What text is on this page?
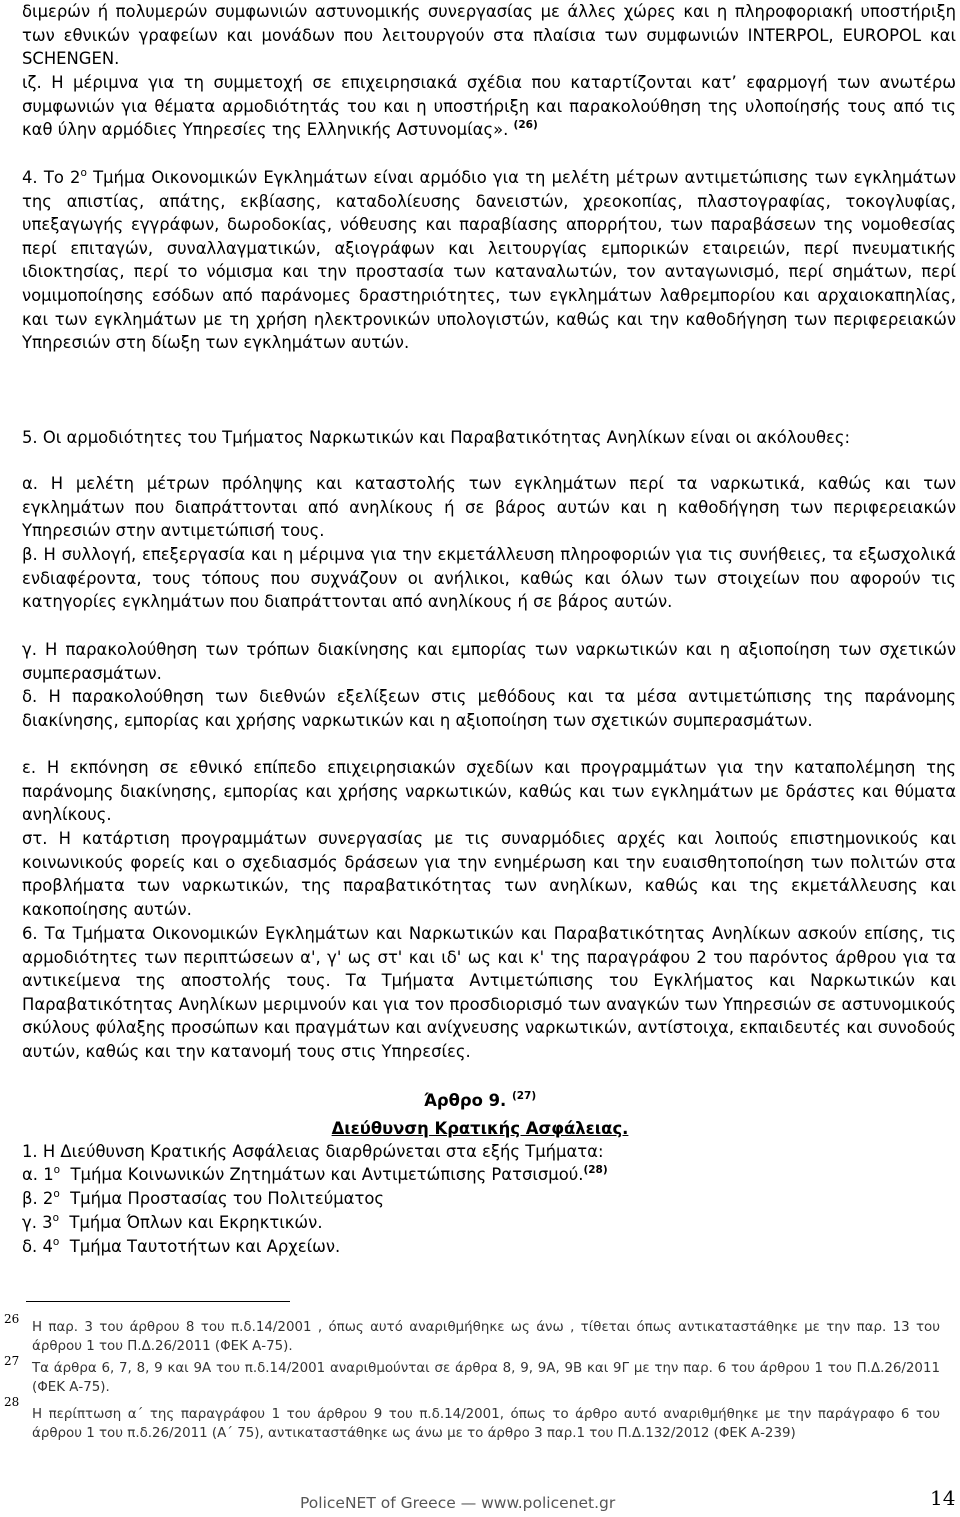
διμερών ή πολυμερών συμφωνιών αστυνομικής συνεργασίας με άλλες χώρες και η πληροφοριακή υποστήριξη των εθνικών γραφείων και μονάδων που λειτουργούν στα πλαίσια των συμφωνιών INTERPOL, EUROPOL και SCHENGEN.
ιζ. Η μέριμνα για τη συμμετοχή σε επιχειρησιακά σχέδια που καταρτίζονται κατ’ εφαρμογή των ανωτέρω συμφωνιών για θέματα αρμοδιότητάς του και η υποστήριξη και παρακολούθηση της υλοποίησής τους από τις καθ ύλην αρμόδιες Υπηρεσίες της Ελληνικής Αστυνομίας». $^{(26)}$
4. Το $2^o$ Τμήμα Οικονομικών Εγκλημάτων είναι αρμόδιο για τη μελέτη μέτρων αντιμετώπισης των εγκλημάτων της απιστίας, απάτης, εκβίασης, καταδολίευσης δανειστών, χρεοκοπίας, πλαστογραφίας, τοκογλυφίας, υπεξαγωγής εγγράφων, δωροδοκίας, νόθευσης και παραβίασης απορρήτου, των παραβάσεων της νομοθεσίας περί επιταγών, συναλλαγματικών, αξιογράφων και λειτουργίας εμπορικών εταιρειών, περί πνευματικής ιδιοκτησίας, περί το νόμισμα και την προστασία των καταναλωτών, τον ανταγωνισμό, περί σημάτων, περί νομιμοποίησης εσόδων από παράνομες δραστηριότητες, των εγκλημάτων λαθρεμπορίου και αρχαιοκαπηλίας, και των εγκλημάτων με τη χρήση ηλεκτρονικών υπολογιστών, καθώς και την καθοδήγηση των περιφερειακών Υπηρεσιών στη δίωξη των εγκλημάτων αυτών.
5. Οι αρμοδιότητες του Τμήματος Ναρκωτικών και Παραβατικότητας Ανηλίκων είναι οι ακόλουθες:
α. Η μελέτη μέτρων πρόληψης και καταστολής των εγκλημάτων περί τα ναρκωτικά, καθώς και των εγκλημάτων που διαπράττονται από ανηλίκους ή σε βάρος αυτών και η καθοδήγηση των περιφερειακών Υπηρεσιών στην αντιμετώπισή τους.
β. Η συλλογή, επεξεργασία και η μέριμνα για την εκμετάλλευση πληροφοριών για τις συνήθειες, τα εξωσχολικά ενδιαφέροντα, τους τόπους που συχνάζουν οι ανήλικοι, καθώς και όλων των στοιχείων που αφορούν τις κατηγορίες εγκλημάτων που διαπράττονται από ανηλίκους ή σε βάρος αυτών.
γ. Η παρακολούθηση των τρόπων διακίνησης και εμπορίας των ναρκωτικών και η αξιοποίηση των σχετικών συμπερασμάτων.
δ. Η παρακολούθηση των διεθνών εξελίξεων στις μεθόδους και τα μέσα αντιμετώπισης της παράνομης διακίνησης, εμπορίας και χρήσης ναρκωτικών και η αξιοποίηση των σχετικών συμπερασμάτων.
ε. Η εκπόνηση σε εθνικό επίπεδο επιχειρησιακών σχεδίων και προγραμμάτων για την καταπολέμηση της παράνομης διακίνησης, εμπορίας και χρήσης ναρκωτικών, καθώς και των εγκλημάτων με δράστες και θύματα ανηλίκους.
στ. Η κατάρτιση προγραμμάτων συνεργασίας με τις συναρμόδιες αρχές και λοιπούς επιστημονικούς και κοινωνικούς φορείς και ο σχεδιασμός δράσεων για την ενημέρωση και την ευαισθητοποίηση των πολιτών στα προβλήματα των ναρκωτικών, της παραβατικότητας των ανηλίκων, καθώς και της εκμετάλλευσης και κακοποίησης αυτών.
6. Τα Τμήματα Οικονομικών Εγκλημάτων και Ναρκωτικών και Παραβατικότητας Ανηλίκων ασκούν επίσης, τις αρμοδιότητες των περιπτώσεων α', γ' ως στ' και ιδ' ως και κ' της παραγράφου 2 του παρόντος άρθρου για τα αντικείμενα της αποστολής τους. Τα Τμήματα Αντιμετώπισης του Εγκλήματος και Ναρκωτικών και Παραβατικότητας Ανηλίκων μεριμνούν και για τον προσδιορισμό των αναγκών των Υπηρεσιών σε αστυνομικούς σκύλους φύλαξης προσώπων και πραγμάτων και ανίχνευσης ναρκωτικών, αντίστοιχα, εκπαιδευτές και συνοδούς αυτών, καθώς και την κατανομή τους στις Υπηρεσίες.
Άρθρο 9. $^{(27)}$
Διεύθυνση Κρατικής Ασφάλειας.
1. Η Διεύθυνση Κρατικής Ασφάλειας διαρθρώνεται στα εξής Τμήματα:
α. $1^o$  Τμήμα Κοινωνικών Ζητημάτων και Αντιμετώπισης Ρατσισμού.$^{(28)}$
β. $2^o$  Τμήμα Προστασίας του Πολιτεύματος
γ. $3^o$  Τμήμα Όπλων και Εκρηκτικών.
δ. $4^o$  Τμήμα Ταυτοτήτων και Αρχείων.
26
Η παρ. 3 του άρθρου 8 του π.δ.14/2001 , όπως αυτό αναριθμήθηκε ως άνω , τίθεται όπως αντικαταστάθηκε με την παρ. 13 του άρθρου 1 του Π.Δ.26/2011 (ΦΕΚ Α-75).
27 Τα άρθρα 6, 7, 8, 9 και 9Α του π.δ.14/2001 αναριθμούνται σε άρθρα 8, 9, 9Α, 9Β και 9Γ με την παρ. 6 του άρθρου 1 του Π.Δ.26/2011 (ΦΕΚ Α-75).
28
Η περίπτωση α΄ της παραγράφου 1 του άρθρου 9 του π.δ.14/2001, όπως το άρθρο αυτό αναριθμήθηκε με την παράγραφο 6 του άρθρου 1 του π.δ.26/2011 (Α΄ 75), αντικαταστάθηκε ως άνω με το άρθρο 3 παρ.1 του Π.Δ.132/2012 (ΦΕΚ Α-239)
PoliceNET of Greece — www.policenet.gr	14
